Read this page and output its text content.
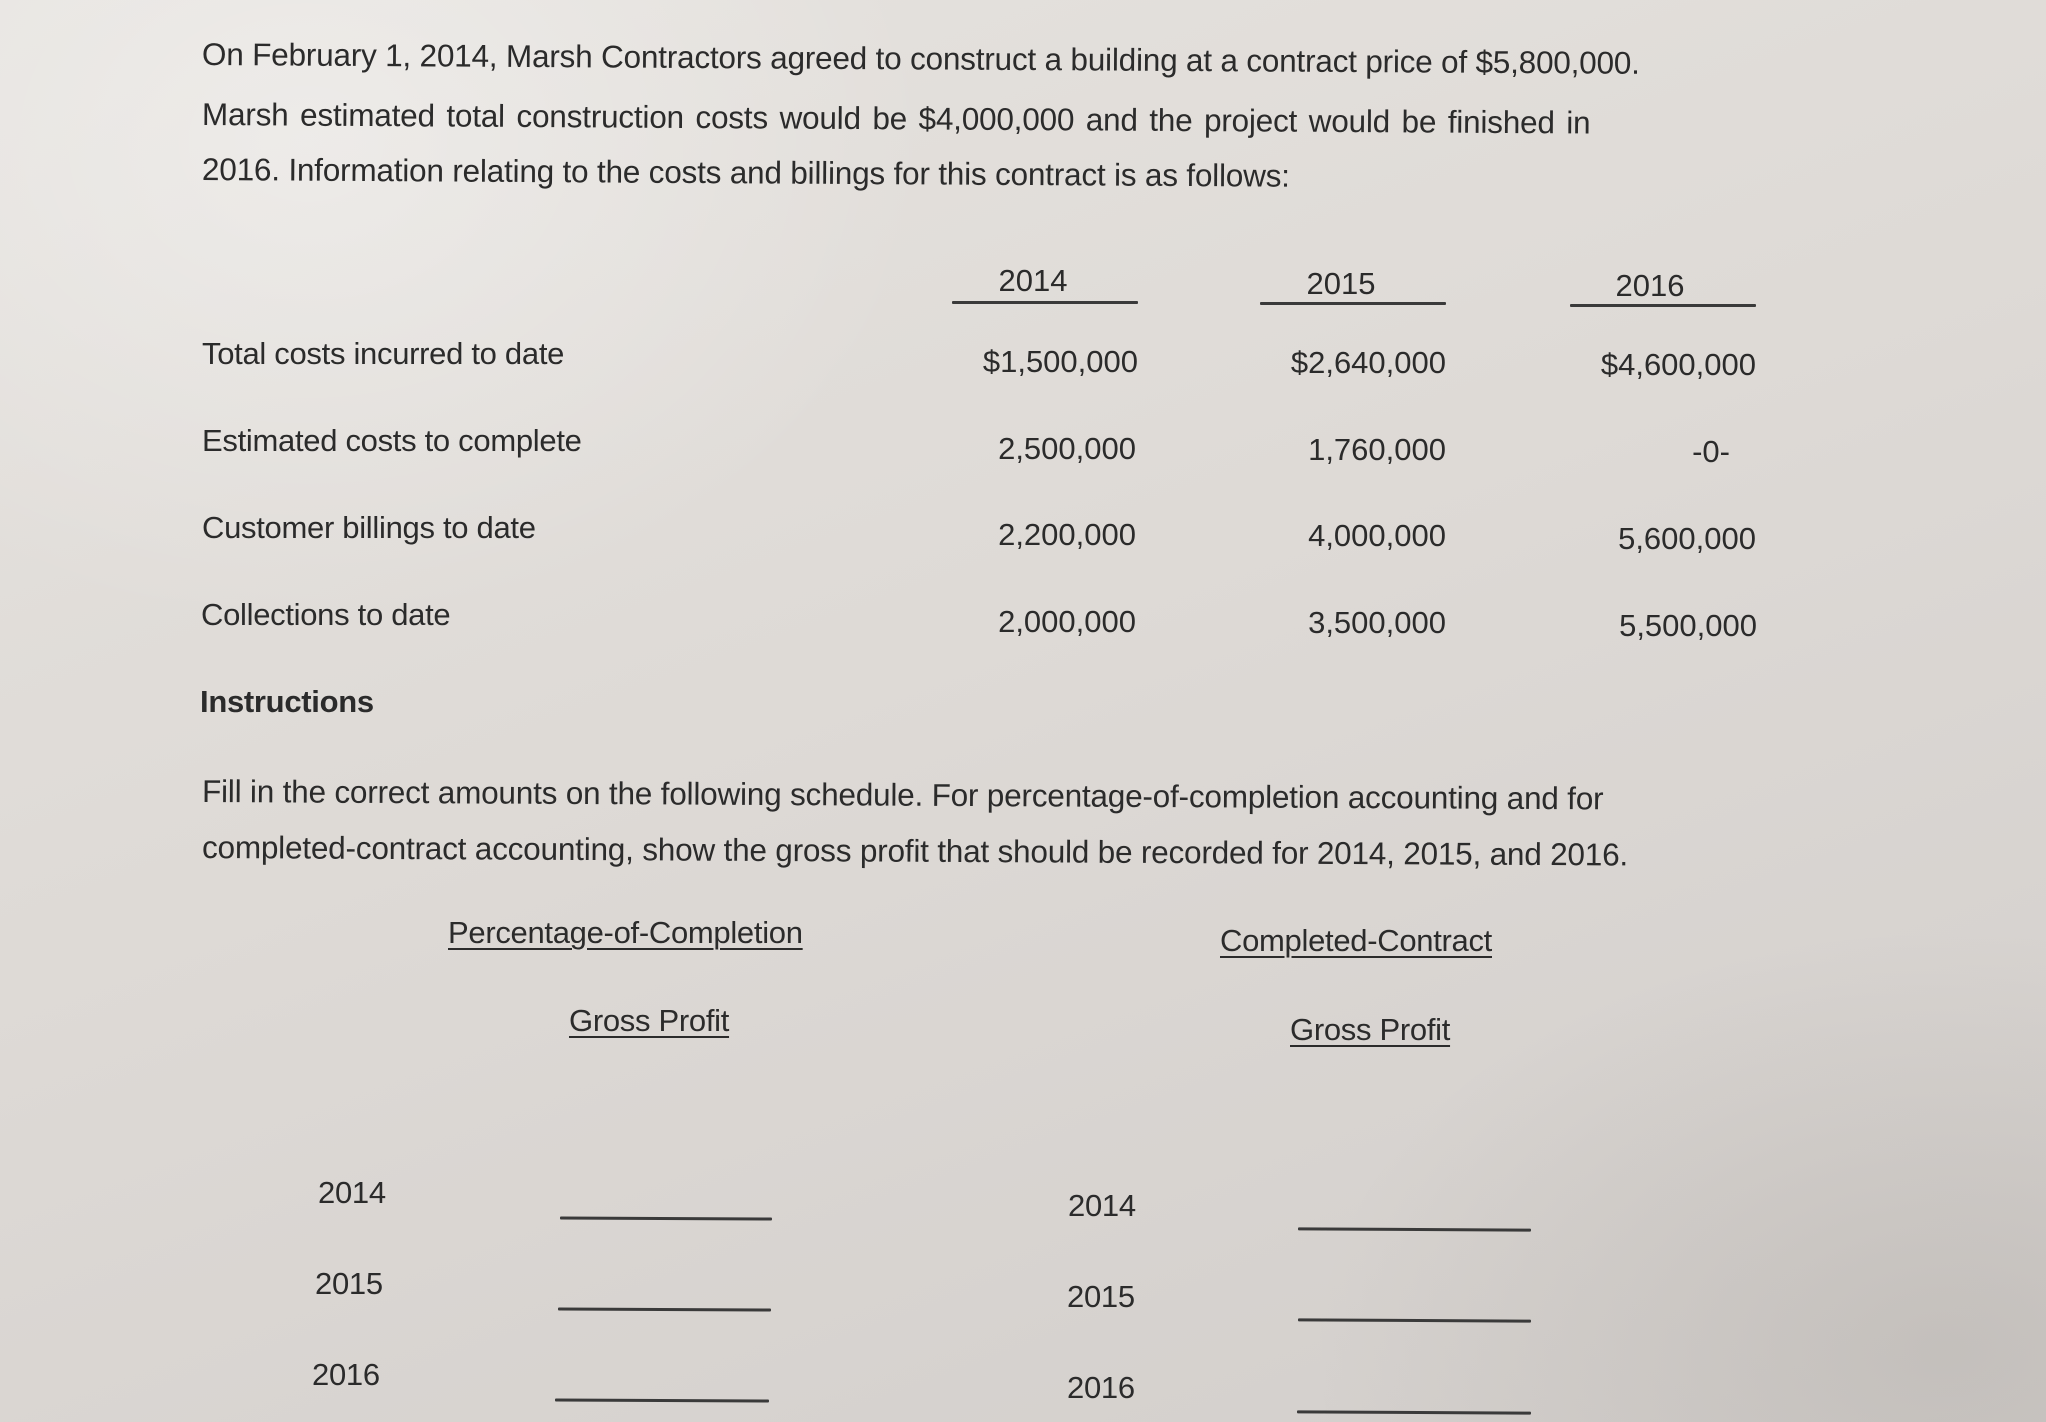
On February 1, 2014, Marsh Contractors agreed to construct a building at a contract price of $5,800,000.
Marsh estimated total construction costs would be $4,000,000 and the project would be finished in
2016. Information relating to the costs and billings for this contract is as follows:
2014	2015	2016
Total costs incurred to date	$1,500,000	$2,640,000	$4,600,000
Estimated costs to complete	2,500,000	1,760,000	-0-
Customer billings to date	2,200,000	4,000,000	5,600,000
Collections to date	2,000,000	3,500,000	5,500,000
Instructions
Fill in the correct amounts on the following schedule. For percentage-of-completion accounting and for
completed-contract accounting, show the gross profit that should be recorded for 2014, 2015, and 2016.
Percentage-of-Completion
Gross Profit
2014
2015
2016
Completed-Contract
Gross Profit
2014
2015
2016
